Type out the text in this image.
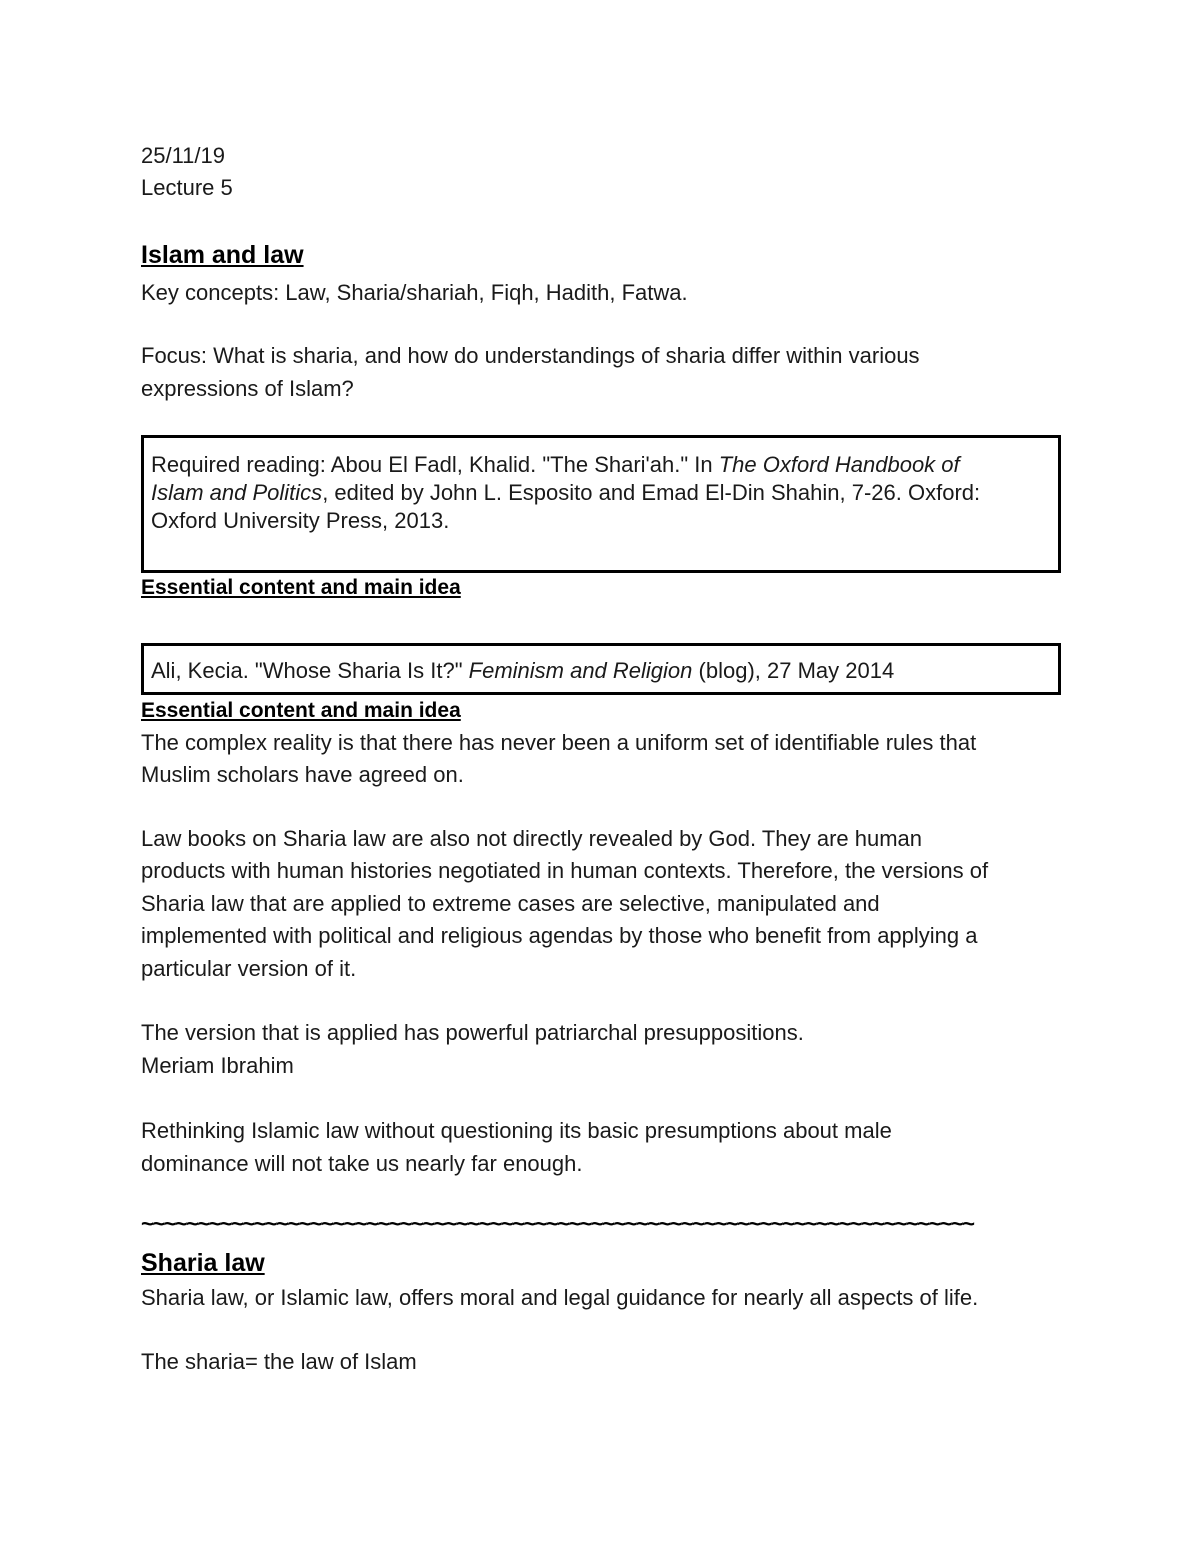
25/11/19
Lecture 5
Islam and law
Key concepts: Law, Sharia/shariah, Fiqh, Hadith, Fatwa.
Focus: What is sharia, and how do understandings of sharia differ within various
expressions of Islam?
Required reading: Abou El Fadl, Khalid. "The Shari'ah." In The Oxford Handbook of
Islam and Politics, edited by John L. Esposito and Emad El-Din Shahin, 7-26. Oxford:
Oxford University Press, 2013.
Essential content and main idea
Ali, Kecia. "Whose Sharia Is It?" Feminism and Religion (blog), 27 May 2014
Essential content and main idea
The complex reality is that there has never been a uniform set of identifiable rules that
Muslim scholars have agreed on.
Law books on Sharia law are also not directly revealed by God. They are human
products with human histories negotiated in human contexts. Therefore, the versions of
Sharia law that are applied to extreme cases are selective, manipulated and
implemented with political and religious agendas by those who benefit from applying a
particular version of it.
The version that is applied has powerful patriarchal presuppositions.
Meriam Ibrahim
Rethinking Islamic law without questioning its basic presumptions about male
dominance will not take us nearly far enough.
~~~~~~~~~~~~~~~~~~~~~~~~~~~~~~~~~~~~~~~~~~~~~~~~~~~~~~~~~~~~~~~~~~~~~~~~~~
Sharia law
Sharia law, or Islamic law, offers moral and legal guidance for nearly all aspects of life.
The sharia= the law of Islam
